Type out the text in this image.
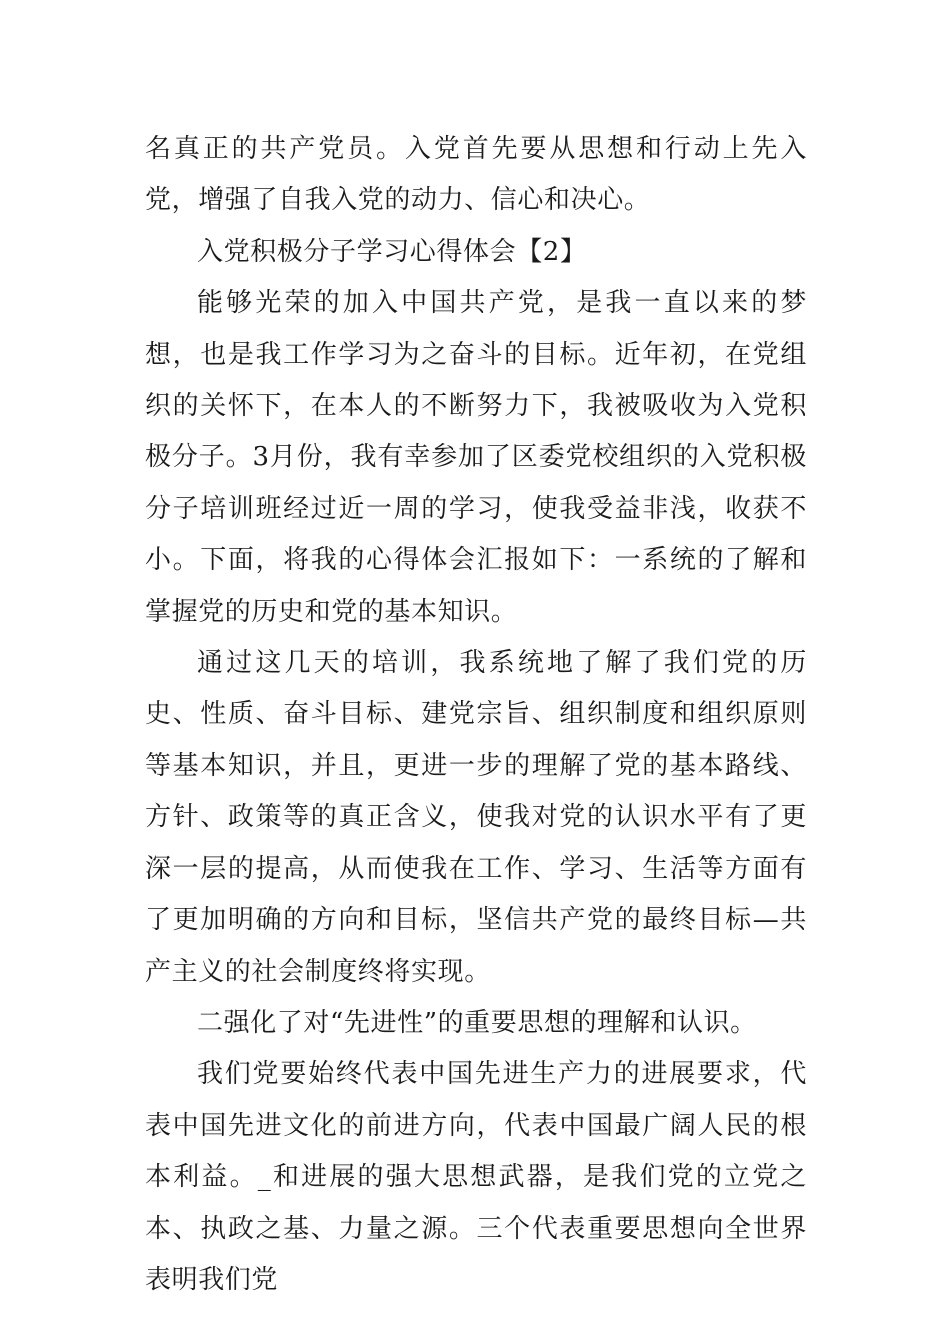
名真正的共产党员。入党首先要从思想和行动上先入党，增强了自我入党的动力、信心和决心。

入党积极分子学习心得体会【2】

能够光荣的加入中国共产党，是我一直以来的梦想，也是我工作学习为之奋斗的目标。近年初，在党组织的关怀下，在本人的不断努力下，我被吸收为入党积极分子。3月份，我有幸参加了区委党校组织的入党积极分子培训班经过近一周的学习，使我受益非浅，收获不小。下面，将我的心得体会汇报如下：一系统的了解和掌握党的历史和党的基本知识。

通过这几天的培训，我系统地了解了我们党的历史、性质、奋斗目标、建党宗旨、组织制度和组织原则等基本知识，并且，更进一步的理解了党的基本路线、方针、政策等的真正含义，使我对党的认识水平有了更深一层的提高，从而使我在工作、学习、生活等方面有了更加明确的方向和目标，坚信共产党的最终目标—共产主义的社会制度终将实现。

二强化了对“先进性”的重要思想的理解和认识。

我们党要始终代表中国先进生产力的进展要求，代表中国先进文化的前进方向，代表中国最广阔人民的根本利益。_和进展的强大思想武器，是我们党的立党之本、执政之基、力量之源。三个代表重要思想向全世界表明我们党
